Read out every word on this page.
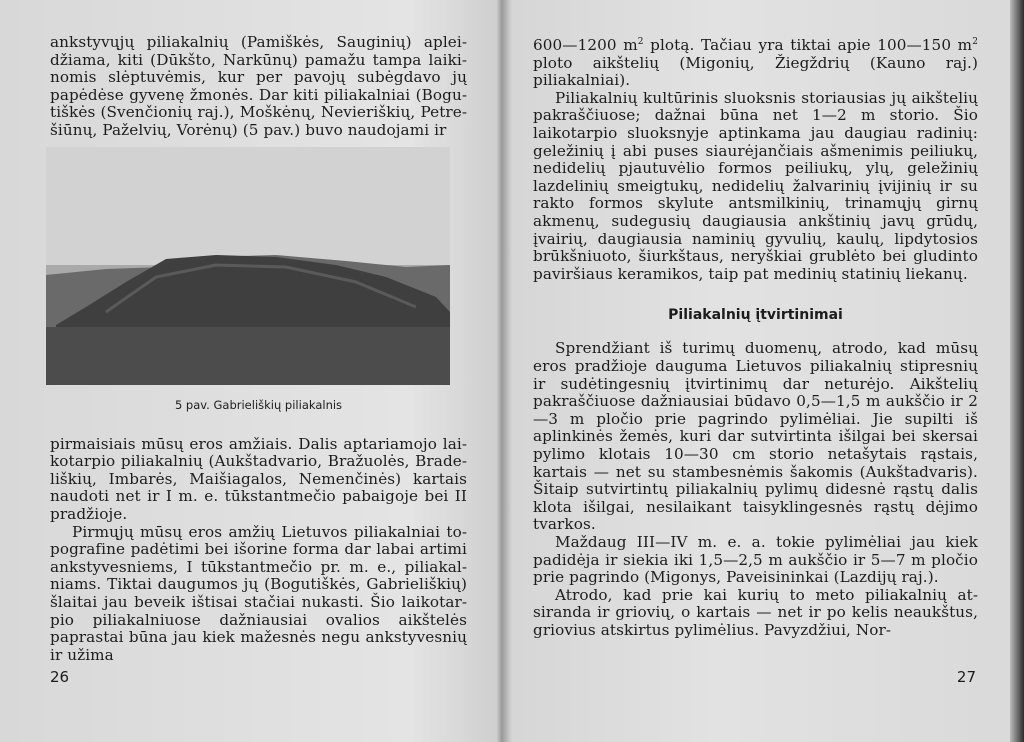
ankstyvųjų piliakalnių (Pamiškės, Sauginių) apleidžiama, kiti (Dūkšto, Narkūnų) pamažu tampa laikinomis slėptuvėmis, kur per pavojų subėgdavo jų papėdėse gyvenę žmonės. Dar kiti piliakalniai (Bogutiškės (Svenčionių raj.), Moškėnų, Nevieriškių, Petrešiūnų, Paželvių, Vorėnų) (5 pav.) buvo naudojami ir

5 pav. Gabrieliškių piliakalnis

pirmaisiais mūsų eros amžiais. Dalis aptariamojo laikotarpio piliakalnių (Aukštadvario, Bražuolės, Bradeliškių, Imbarės, Maišiagalos, Nemenčinės) kartais naudoti net ir I m. e. tūkstantmečio pabaigoje bei II pradžioje.

Pirmųjų mūsų eros amžių Lietuvos piliakalniai topografine padėtimi bei išorine forma dar labai artimi ankstyvesniems, I tūkstantmečio pr. m. e., piliakalniams. Tiktai daugumos jų (Bogutiškės, Gabrieliškių) šlaitai jau beveik ištisai stačiai nukasti. Šio laikotarpio piliakalniuose dažniausiai ovalios aikštelės paprastai būna jau kiek mažesnės negu ankstyvesnių ir užima

26

600—1200 $m^2$ plotą. Tačiau yra tiktai apie 100—150 $m^2$ ploto aikštelių (Migonių, Žiegždrių (Kauno raj.) piliakalniai).

Piliakalnių kultūrinis sluoksnis storiausias jų aikštelių pakraščiuose; dažnai būna net 1—2 m storio. Šio laikotarpio sluoksnyje aptinkama jau daugiau radinių: geležinių į abi puses siaurėjančiais ašmenimis peiliukų, nedidelių pjautuvėlio formos peiliukų, ylų, geležinių lazdelinių smeigtukų, nedidelių žalvarinių įvijinių ir su rakto formos skylute antsmilkinių, trinamųjų girnų akmenų, sudegusių daugiausia ankštinių javų grūdų, įvairių, daugiausia naminių gyvulių, kaulų, lipdytosios brūkšniuoto, šiurkštaus, neryškiai grublėto bei gludinto paviršiaus keramikos, taip pat medinių statinių liekanų.

Piliakalnių įtvirtinimai

Sprendžiant iš turimų duomenų, atrodo, kad mūsų eros pradžioje dauguma Lietuvos piliakalnių stipresnių ir sudėtingesnių įtvirtinimų dar neturėjo. Aikštelių pakraščiuose dažniausiai būdavo 0,5—1,5 m aukščio ir 2—3 m pločio prie pagrindo pylimėliai. Jie supilti iš aplinkinės žemės, kuri dar sutvirtinta išilgai bei skersai pylimo klotais 10—30 cm storio netašytais rąstais, kartais — net su stambesnėmis šakomis (Aukštadvaris). Šitaip sutvirtintų piliakalnių pylimų didesnė rąstų dalis klota išilgai, nesilaikant taisyklingesnės rąstų dėjimo tvarkos.

Maždaug III—IV m. e. a. tokie pylimėliai jau kiek padidėja ir siekia iki 1,5—2,5 m aukščio ir 5—7 m pločio prie pagrindo (Migonys, Paveisininkai (Lazdijų raj.).

Atrodo, kad prie kai kurių to meto piliakalnių atsiranda ir griovių, o kartais — net ir po kelis neaukštus, griovius atskirtus pylimėlius. Pavyzdžiui, Nor-

27
